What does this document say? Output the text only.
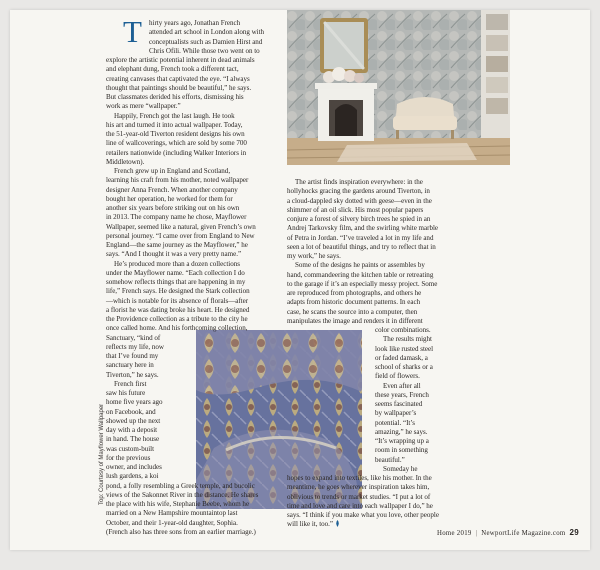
T hirty years ago, Jonathan French
attended art school in London along with
conceptualists such as Damien Hirst and
Chris Ofili. While those two went on to
explore the artistic potential inherent in dead animals
and elephant dung, French took a different tact,
creating canvases that captivated the eye. “I always
thought that paintings should be beautiful,” he says.
But classmates derided his efforts, dismissing his
work as mere “wallpaper.”
Happily, French got the last laugh. He took
his art and turned it into actual wallpaper. Today,
the 51-year-old Tiverton resident designs his own
line of wallcoverings, which are sold by some 700
retailers nationwide (including Walker Interiors in
Middletown).
French grew up in England and Scotland,
learning his craft from his mother, noted wallpaper
designer Anna French. When another company
bought her operation, he worked for them for
another six years before striking out on his own
in 2013. The company name he chose, Mayflower
Wallpaper, seemed like a natural, given French’s own
personal journey. “I came over from England to New
England—the same journey as the Mayflower,” he
says. “And I thought it was a very pretty name.”
He’s produced more than a dozen collections
under the Mayflower name. “Each collection I do
somehow reflects things that are happening in my
life,” French says. He designed the Stark collection
—which is notable for its absence of florals—after
a florist he was dating broke his heart. He designed
the Providence collection as a tribute to the city he
once called home. And his forthcoming collection,
Sanctuary, “kind of
reflects my life, now
that I’ve found my
sanctuary here in
Tiverton,” he says.
French first
saw his future
home five years ago
on Facebook, and
showed up the next
day with a deposit
in hand. The house
was custom-built
for the previous
owner, and includes
lush gardens, a koi
pond, a folly resembling a Greek temple, and bucolic
views of the Sakonnet River in the distance. He shares
the place with his wife, Stephanie Beebe, whom he
married on a New Hampshire mountaintop last
October, and their 1-year-old daughter, Sophia.
(French also has three sons from an earlier marriage.)
The artist finds inspiration everywhere: in the
hollyhocks gracing the gardens around Tiverton, in
a cloud-dappled sky dotted with geese—even in the
shimmer of an oil slick. His most popular papers
conjure a forest of silvery birch trees he spied in an
Andrej Tarkovsky film, and the swirling white marble
of Petra in Jordan. “I’ve traveled a lot in my life and
seen a lot of beautiful things, and try to reflect that in
my work,” he says.
Some of the designs he paints or assembles by
hand, commandeering the kitchen table or retreating
to the garage if it’s an especially messy project. Some
are reproduced from photographs, and others he
adapts from historic document patterns. In each
case, he scans the source into a computer, then
manipulates the image and renders it in different
color combinations.
The results might
look like rusted steel
or faded damask, a
school of sharks or a
field of flowers.
Even after all
these years, French
seems fascinated
by wallpaper’s
potential. “It’s
amazing,” he says.
“It’s wrapping up a
room in something
beautiful.”
Someday he
hopes to expand into textiles, like his mother. In the
meantime, he goes wherever inspiration takes him,
oblivious to trends or market studies. “I put a lot of
time and love and care into each wallpaper I do,” he
says. “I think if you make what you love, other people
will like it, too.”
Top: Courtesy of Mayflower Wallpaper
Home 2019 | NewportLife Magazine.com 29
